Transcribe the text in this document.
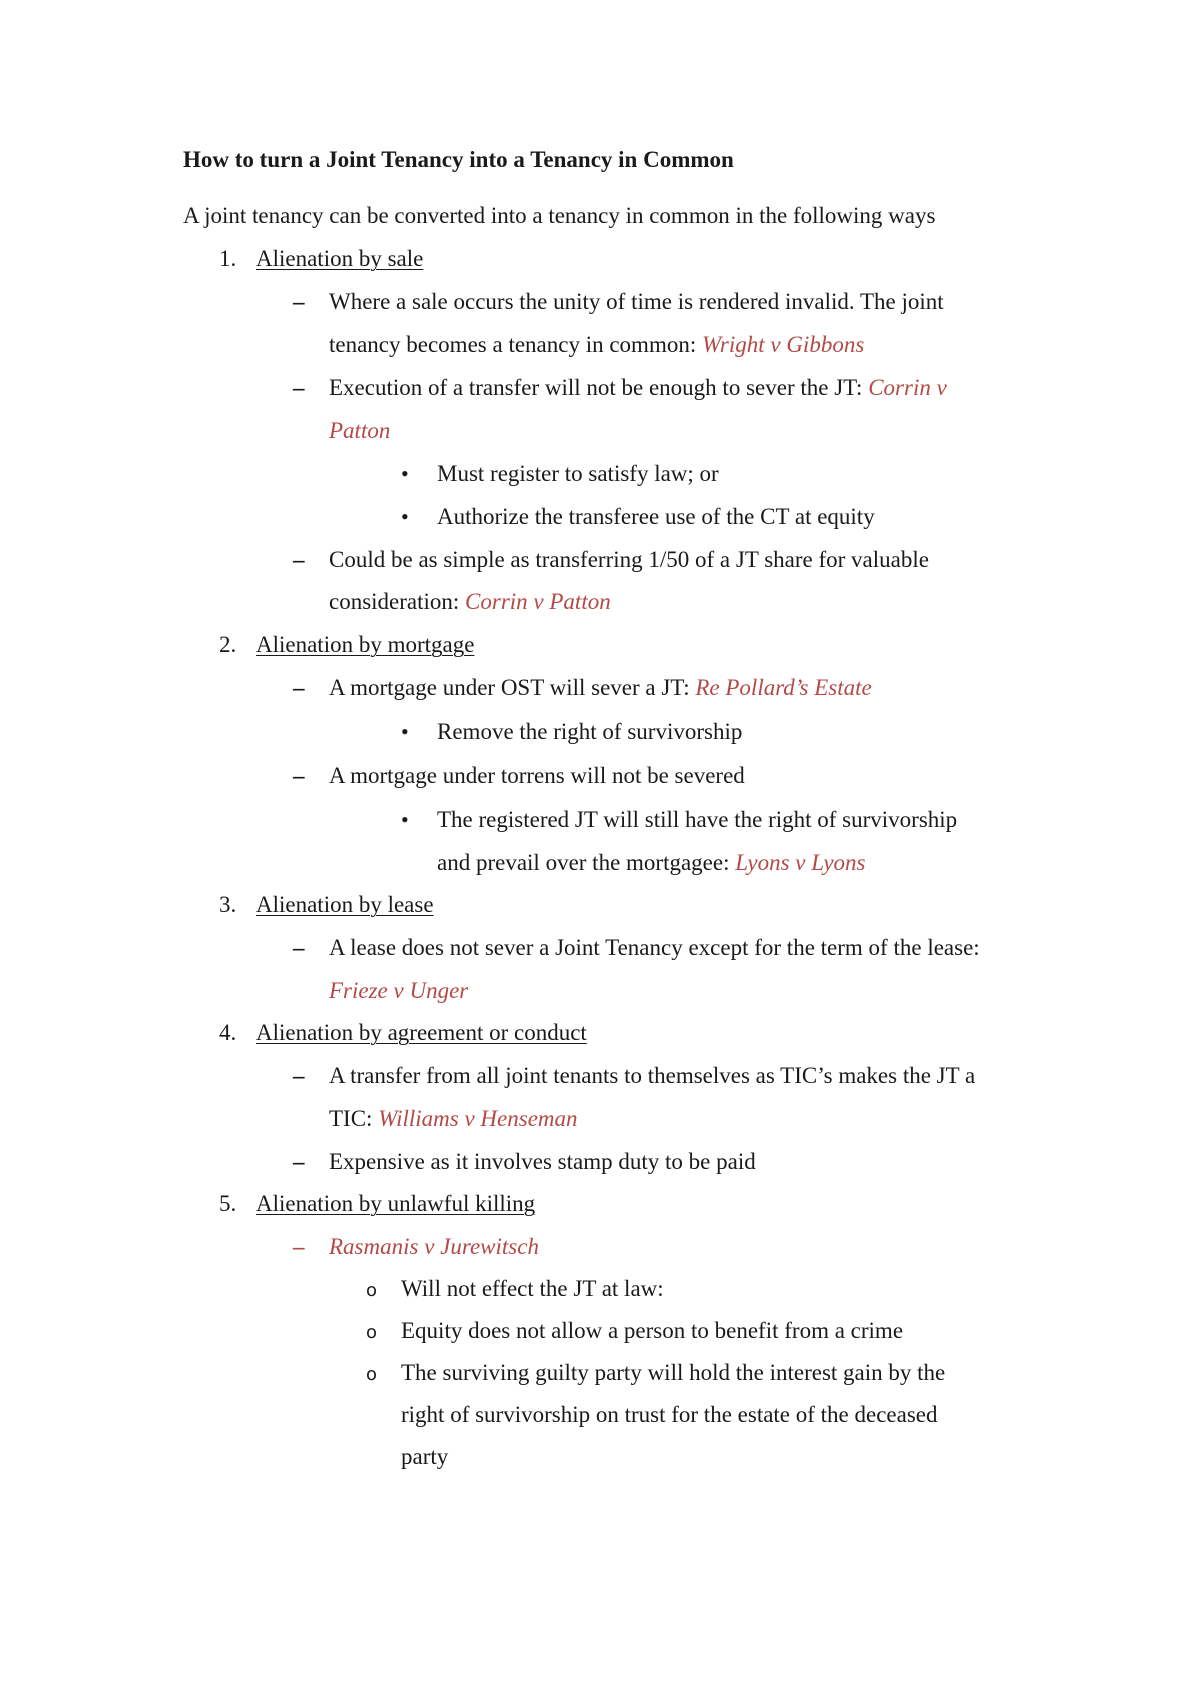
How to turn a Joint Tenancy into a Tenancy in Common
A joint tenancy can be converted into a tenancy in common in the following ways
1. Alienation by sale
– Where a sale occurs the unity of time is rendered invalid. The joint
tenancy becomes a tenancy in common: Wright v Gibbons
– Execution of a transfer will not be enough to sever the JT: Corrin v
Patton
• Must register to satisfy law; or
• Authorize the transferee use of the CT at equity
– Could be as simple as transferring 1/50 of a JT share for valuable
consideration: Corrin v Patton
2. Alienation by mortgage
– A mortgage under OST will sever a JT: Re Pollard’s Estate
• Remove the right of survivorship
– A mortgage under torrens will not be severed
• The registered JT will still have the right of survivorship
and prevail over the mortgagee: Lyons v Lyons
3. Alienation by lease
– A lease does not sever a Joint Tenancy except for the term of the lease:
Frieze v Unger
4. Alienation by agreement or conduct
– A transfer from all joint tenants to themselves as TIC’s makes the JT a
TIC: Williams v Henseman
– Expensive as it involves stamp duty to be paid
5. Alienation by unlawful killing
– Rasmanis v Jurewitsch
o Will not effect the JT at law:
o Equity does not allow a person to benefit from a crime
o The surviving guilty party will hold the interest gain by the
right of survivorship on trust for the estate of the deceased
party
